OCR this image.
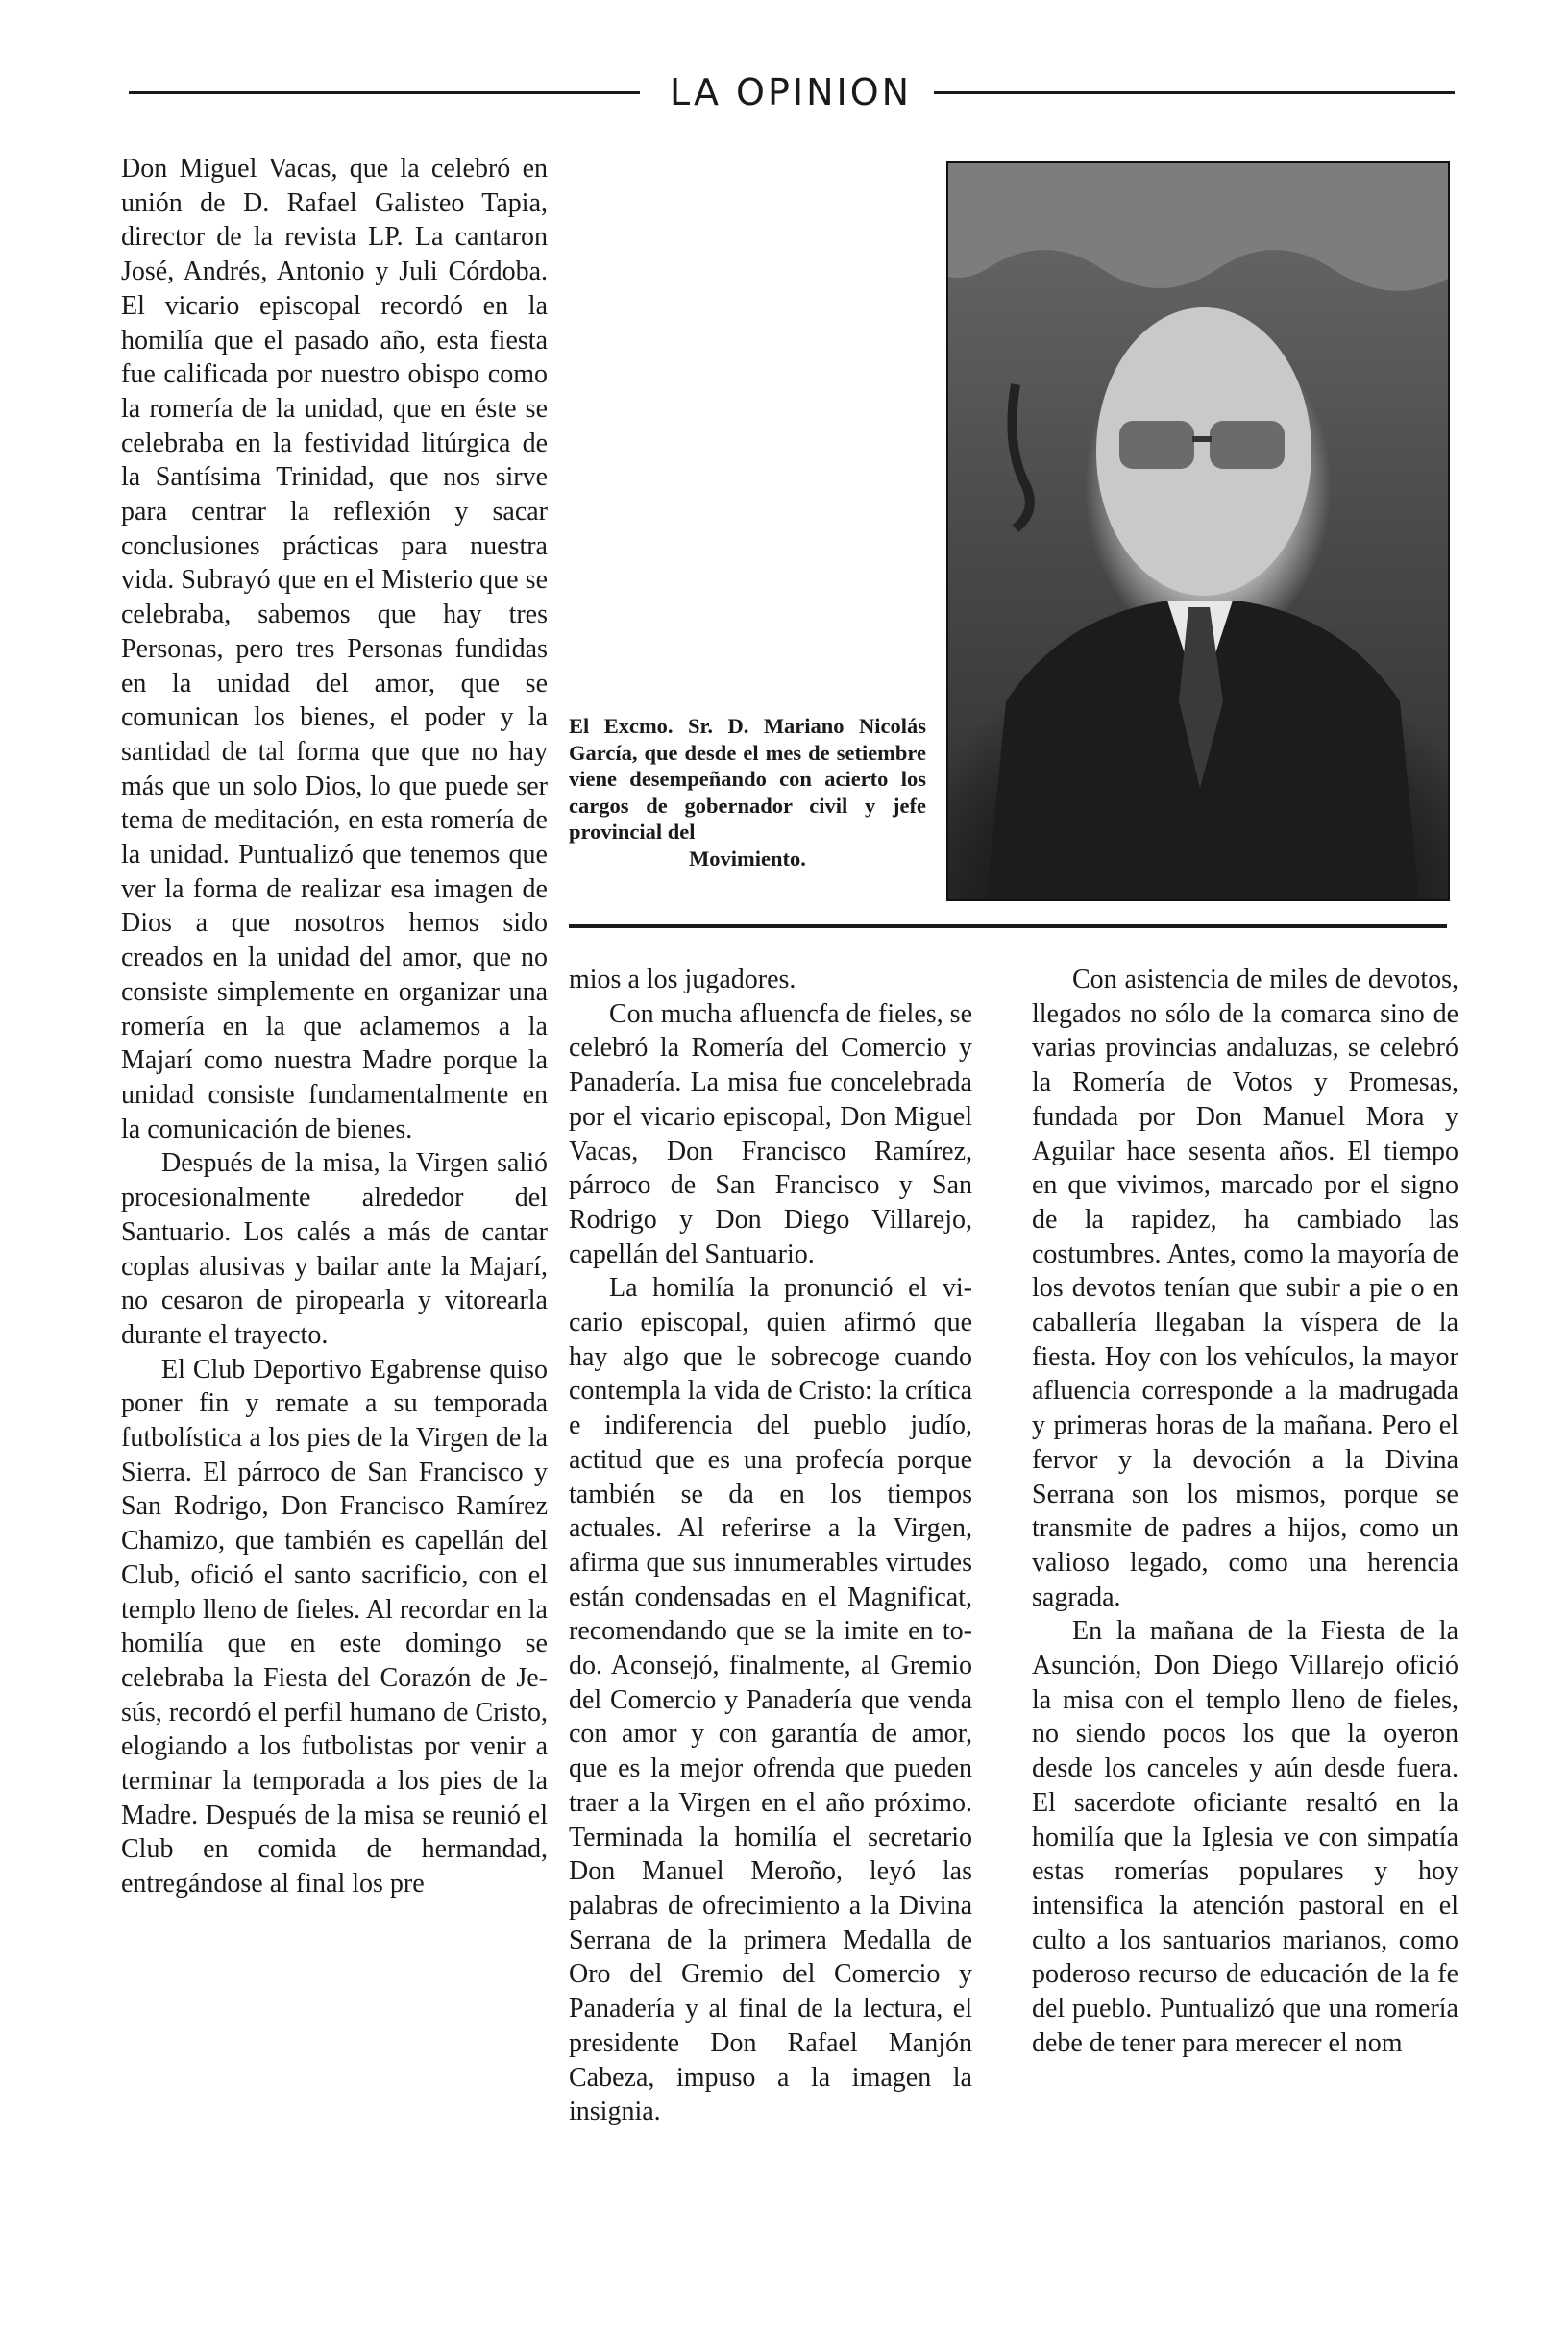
LA OPINION

Don Miguel Vacas, que la celebró en unión de D. Rafael Galisteo Tapia, director de la revista LP. La cantaron José, Andrés, Antonio y Juli Córdoba. El vicario episcopal recordó en la homilía que el pasado año, esta fiesta fue calificada por nuestro obispo como la romería de la unidad, que en éste se celebraba en la festividad litúrgica de la Santísima Trinidad, que nos sirve para centrar la reflexión y sacar conclusiones prácticas para nuestra vida. Subrayó que en el Misterio que se celebraba, sabemos que hay tres Personas, pero tres Personas fundidas en la unidad del amor, que se comunican los bienes, el poder y la santidad de tal forma que que no hay más que un solo Dios, lo que puede ser tema de meditación, en esta romería de la unidad. Puntualizó que tenemos que ver la forma de realizar esa imagen de Dios a que nosotros hemos sido creados en la unidad del amor, que no consiste simplemente en organizar una romería en la que aclamemos a la Majarí como nuestra Madre porque la unidad consiste fundamentalmente en la comunicación de bienes.

Después de la misa, la Virgen salió procesionalmente alrededor del Santuario. Los calés a más de cantar coplas alusivas y bailar ante la Majarí, no cesaron de piropearla y vitorearla durante el trayecto.

El Club Deportivo Egabrense quiso poner fin y remate a su temporada futbolística a los pies de la Virgen de la Sierra. El párroco de San Francisco y San Rodrigo, Don Francisco Ramírez Chamizo, que también es capellán del Club, ofició el santo sacrificio, con el templo lleno de fieles. Al recordar en la homilía que en este domingo se celebraba la Fiesta del Corazón de Jesús, recordó el perfil humano de Cristo, elogiando a los futbolistas por venir a terminar la temporada a los pies de la Madre. Después de la misa se reunió el Club en comida de hermandad, entregándose al final los pre

El Excmo. Sr. D. Mariano Nicolás García, que desde el mes de setiembre viene desempeñando con acierto los cargos de gobernador civil y jefe provincial del
Movimiento.

mios a los jugadores.

Con mucha afluencfa de fieles, se celebró la Romería del Comercio y Panadería. La misa fue concelebrada por el vicario episcopal, Don Miguel Vacas, Don Francisco Ramírez, párroco de San Francisco y San Rodrigo y Don Diego Villarejo, capellán del Santuario.

La homilía la pronunció el vicario episcopal, quien afirmó que hay algo que le sobrecoge cuando contempla la vida de Cristo: la crítica e indiferencia del pueblo judío, actitud que es una profecía porque también se da en los tiempos actuales. Al referirse a la Virgen, afirma que sus innumerables virtudes están condensadas en el Magnificat, recomendando que se la imite en todo. Aconsejó, finalmente, al Gremio del Comercio y Panadería que venda con amor y con garantía de amor, que es la mejor ofrenda que pueden traer a la Virgen en el año próximo. Terminada la homilía el secretario Don Manuel Meroño, leyó las palabras de ofrecimiento a la Divina Serrana de la primera Medalla de Oro del Gremio del Comercio y Panadería y al final de la lectura, el presidente Don Rafael Manjón Cabeza, impuso a la imagen la insignia.

Con asistencia de miles de devotos, llegados no sólo de la comarca sino de varias provincias andaluzas, se celebró la Romería de Votos y Promesas, fundada por Don Manuel Mora y Aguilar hace sesenta años. El tiempo en que vivimos, marcado por el signo de la rapidez, ha cambiado las costumbres. Antes, como la mayoría de los devotos tenían que subir a pie o en caballería llegaban la víspera de la fiesta. Hoy con los vehículos, la mayor afluencia corresponde a la madrugada y primeras horas de la mañana. Pero el fervor y la devoción a la Divina Serrana son los mismos, porque se transmite de padres a hijos, como un valioso legado, como una herencia sagrada.

En la mañana de la Fiesta de la Asunción, Don Diego Villarejo ofició la misa con el templo lleno de fieles, no siendo pocos los que la oyeron desde los canceles y aún desde fuera. El sacerdote oficiante resaltó en la homilía que la Iglesia ve con simpatía estas romerías populares y hoy intensifica la atención pastoral en el culto a los santuarios marianos, como poderoso recurso de educación de la fe del pueblo. Puntualizó que una romería debe de tener para merecer el nom
